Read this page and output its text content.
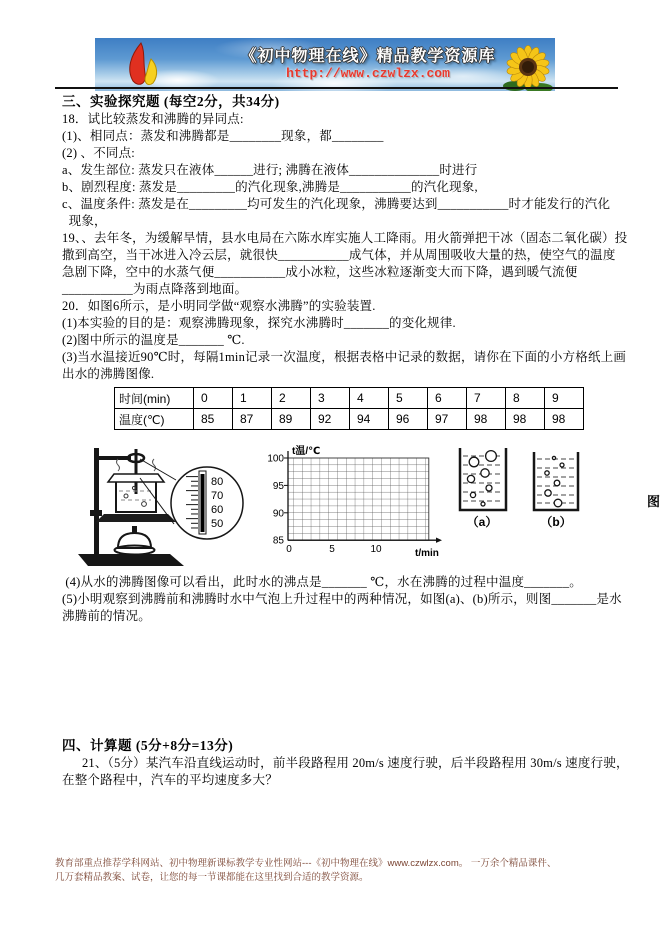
《初中物理在线》精品教学资源库
http://www.czwlzx.com
三、实验探究题 (每空2分，共34分)
18．试比较蒸发和沸腾的异同点:
(1)、相同点：蒸发和沸腾都是________现象，都________
(2) 、不同点:
a、发生部位: 蒸发只在液体______进行; 沸腾在液体______________时进行
b、剧烈程度: 蒸发是_________的汽化现象,沸腾是___________的汽化现象,
c、温度条件: 蒸发是在_________均可发生的汽化现象，沸腾要达到___________时才能发行的汽化
现象，
19、、去年冬，为缓解旱情，县水电局在六陈水库实施人工降雨。用火箭弹把干冰（固态二氧化碳）投
撒到高空，当干冰进入冷云层，就很快___________成气体，并从周围吸收大量的热，使空气的温度
急剧下降，空中的水蒸气便___________成小冰粒，这些冰粒逐渐变大而下降，遇到暖气流便
___________为雨点降落到地面。
20．如图6所示，是小明同学做“观察水沸腾”的实验装置.
(1)本实验的目的是：观察沸腾现象，探究水沸腾时_______的变化规律.
(2)图中所示的温度是_______ ℃.
(3)当水温接近90℃时，每隔1min记录一次温度，根据表格中记录的数据，请你在下面的小方格纸上画
出水的沸腾图像.
时间(min)	0	1	2	3	4	5	6	7	8	9
温度(℃)	85	87	89	92	94	96	97	98	98	98
80
70
60
50
t温/℃
100
95
90
85
0	5	10	t/min
（a）	（b）
(4)从水的沸腾图像可以看出，此时水的沸点是_______ ℃，水在沸腾的过程中温度_______。
(5)小明观察到沸腾前和沸腾时水中气泡上升过程中的两种情况，如图(a)、(b)所示，则图_______是水
沸腾前的情况。
四、计算题 (5分+8分=13分)
21、（5分）某汽车沿直线运动时，前半段路程用 20m/s 速度行驶，后半段路程用 30m/s 速度行驶，
在整个路程中，汽车的平均速度多大？
教育部重点推荐学科网站、初中物理新课标教学专业性网站---《初中物理在线》www.czwlzx.com。 一万余个精品课件、
几万套精品教案、试卷，让您的每一节课都能在这里找到合适的教学资源。
图
